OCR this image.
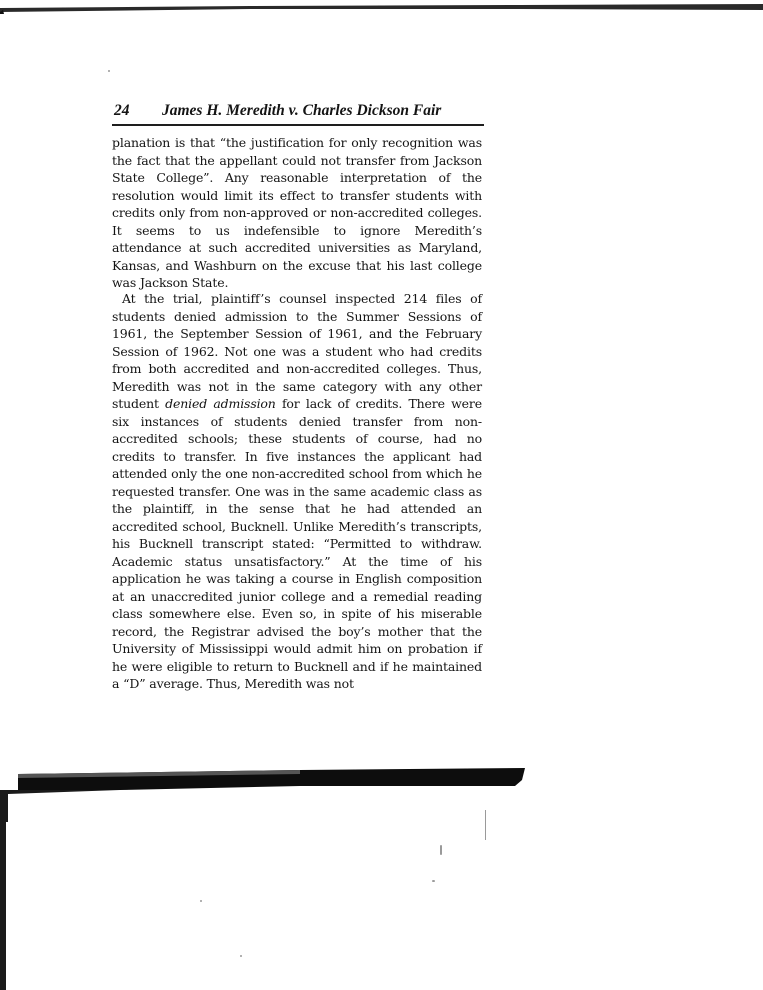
24 James H. Meredith v. Charles Dickson Fair
planation is that “the justification for only recognition was the fact that the appellant could not transfer from Jackson State College”. Any reasonable interpretation of the resolution would limit its effect to transfer students with credits only from non-approved or non-accredited colleges. It seems to us indefensible to ignore Meredith’s attendance at such accredited universities as Maryland, Kansas, and Washburn on the excuse that his last college was Jackson State.
At the trial, plaintiff’s counsel inspected 214 files of students denied admission to the Summer Sessions of 1961, the September Session of 1961, and the February Session of 1962. Not one was a student who had credits from both accredited and non-accredited colleges. Thus, Meredith was not in the same category with any other student denied admission for lack of credits. There were six instances of students denied transfer from non-accredited schools; these students of course, had no credits to transfer. In five instances the applicant had attended only the one non-accredited school from which he requested transfer. One was in the same academic class as the plaintiff, in the sense that he had attended an accredited school, Bucknell. Unlike Meredith’s transcripts, his Bucknell transcript stated: “Permitted to withdraw. Academic status unsatisfactory.” At the time of his application he was taking a course in English composition at an unaccredited junior college and a remedial reading class somewhere else. Even so, in spite of his miserable record, the Registrar advised the boy’s mother that the University of Mississippi would admit him on probation if he were eligible to return to Bucknell and if he maintained a “D” average. Thus, Meredith was not
